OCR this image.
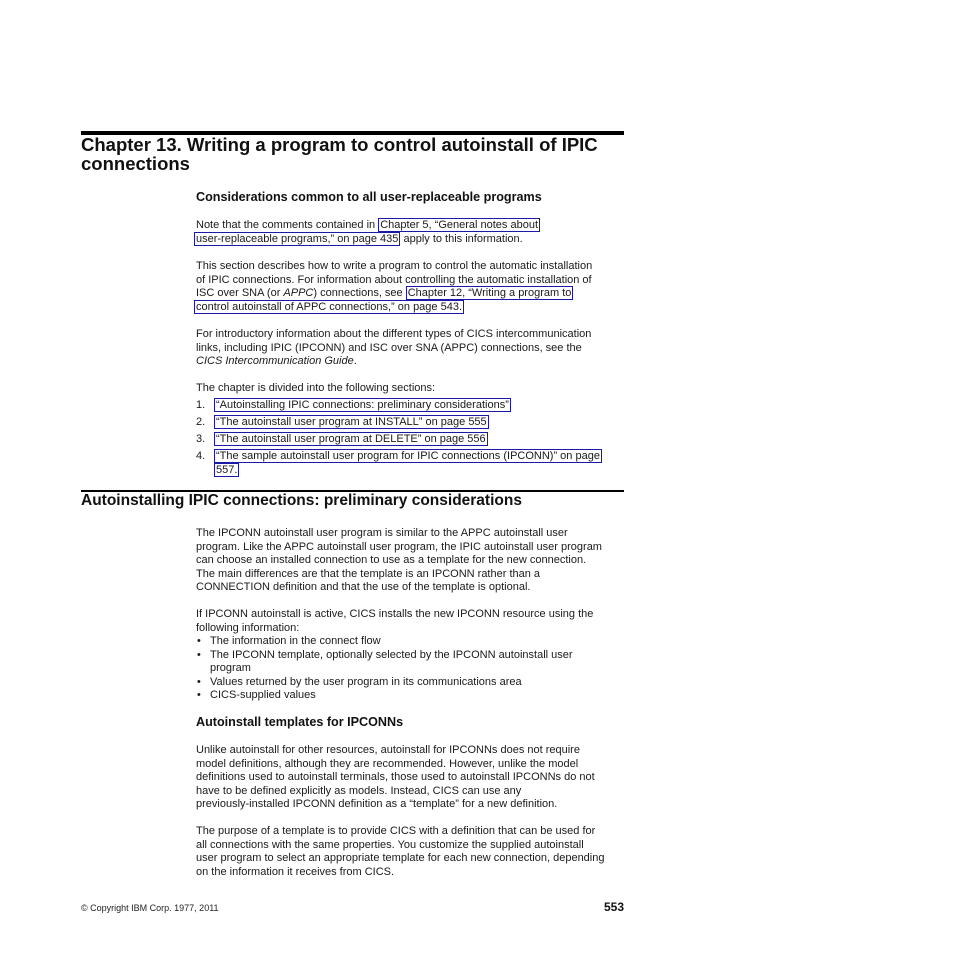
Chapter 13. Writing a program to control autoinstall of IPIC
connections
Considerations common to all user-replaceable programs
Note that the comments contained in Chapter 5, “General notes about
user-replaceable programs,” on page 435 apply to this information.
This section describes how to write a program to control the automatic installation
of IPIC connections. For information about controlling the automatic installation of
ISC over SNA (or APPC) connections, see Chapter 12, “Writing a program to
control autoinstall of APPC connections,” on page 543.
For introductory information about the different types of CICS intercommunication
links, including IPIC (IPCONN) and ISC over SNA (APPC) connections, see the
CICS Intercommunication Guide.
The chapter is divided into the following sections:
1. “Autoinstalling IPIC connections: preliminary considerations”
2. “The autoinstall user program at INSTALL” on page 555
3. “The autoinstall user program at DELETE” on page 556
4. “The sample autoinstall user program for IPIC connections (IPCONN)” on page
557.
Autoinstalling IPIC connections: preliminary considerations
The IPCONN autoinstall user program is similar to the APPC autoinstall user
program. Like the APPC autoinstall user program, the IPIC autoinstall user program
can choose an installed connection to use as a template for the new connection.
The main differences are that the template is an IPCONN rather than a
CONNECTION definition and that the use of the template is optional.
If IPCONN autoinstall is active, CICS installs the new IPCONN resource using the
following information:
• The information in the connect flow
• The IPCONN template, optionally selected by the IPCONN autoinstall user
program
• Values returned by the user program in its communications area
• CICS-supplied values
Autoinstall templates for IPCONNs
Unlike autoinstall for other resources, autoinstall for IPCONNs does not require
model definitions, although they are recommended. However, unlike the model
definitions used to autoinstall terminals, those used to autoinstall IPCONNs do not
have to be defined explicitly as models. Instead, CICS can use any
previously-installed IPCONN definition as a “template” for a new definition.
The purpose of a template is to provide CICS with a definition that can be used for
all connections with the same properties. You customize the supplied autoinstall
user program to select an appropriate template for each new connection, depending
on the information it receives from CICS.
© Copyright IBM Corp. 1977, 2011	553
